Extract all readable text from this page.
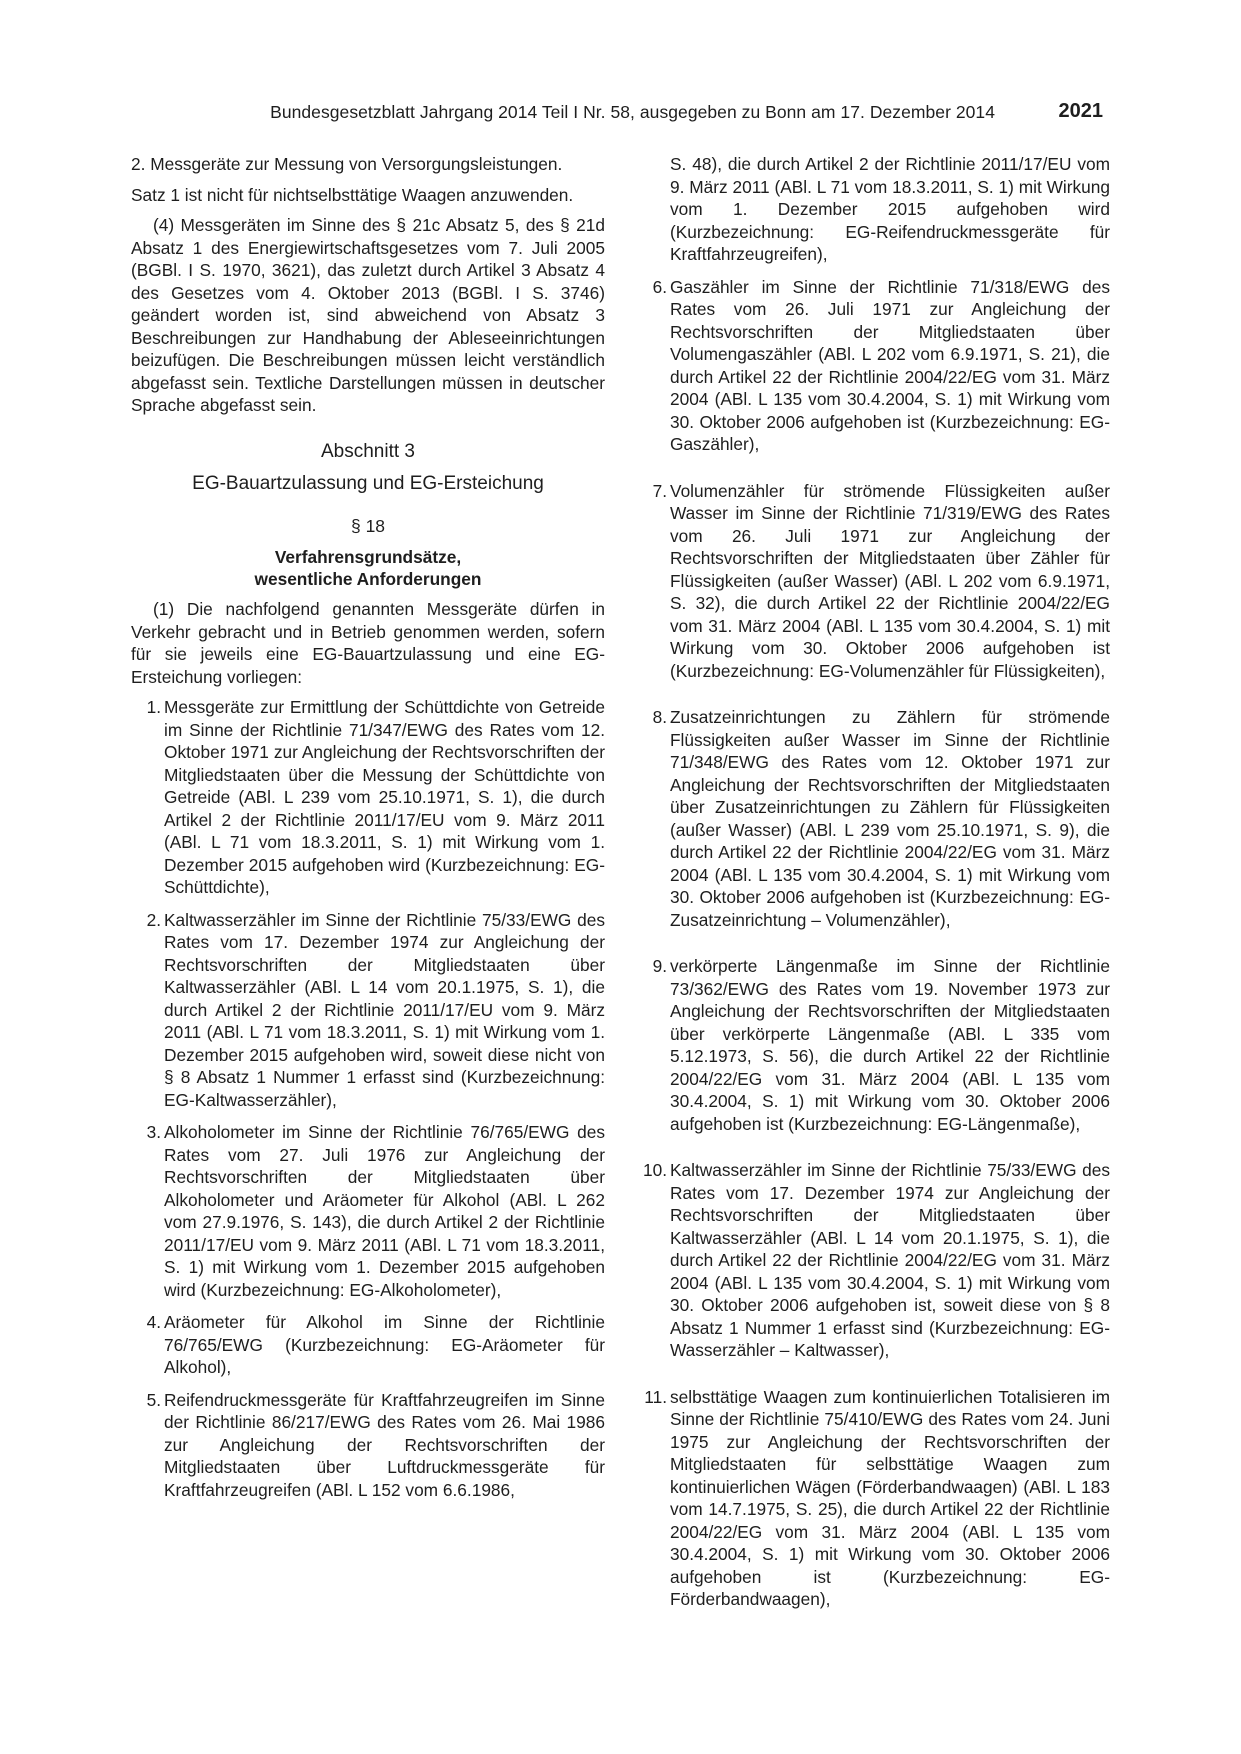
Bundesgesetzblatt Jahrgang 2014 Teil I Nr. 58, ausgegeben zu Bonn am 17. Dezember 2014	2021

2. Messgeräte zur Messung von Versorgungsleistungen.

Satz 1 ist nicht für nichtselbsttätige Waagen anzuwenden.

(4) Messgeräten im Sinne des § 21c Absatz 5, des § 21d Absatz 1 des Energiewirtschaftsgesetzes vom 7. Juli 2005 (BGBl. I S. 1970, 3621), das zuletzt durch Artikel 3 Absatz 4 des Gesetzes vom 4. Oktober 2013 (BGBl. I S. 3746) geändert worden ist, sind abweichend von Absatz 3 Beschreibungen zur Handhabung der Ableseeinrichtungen beizufügen. Die Beschreibungen müssen leicht verständlich abgefasst sein. Textliche Darstellungen müssen in deutscher Sprache abgefasst sein.

Abschnitt 3

EG-Bauartzulassung und EG-Ersteichung

§ 18

Verfahrensgrundsätze,

wesentliche Anforderungen

(1) Die nachfolgend genannten Messgeräte dürfen in Verkehr gebracht und in Betrieb genommen werden, sofern für sie jeweils eine EG-Bauartzulassung und eine EG-Ersteichung vorliegen:

1. Messgeräte zur Ermittlung der Schüttdichte von Getreide im Sinne der Richtlinie 71/347/EWG des Rates vom 12. Oktober 1971 zur Angleichung der Rechtsvorschriften der Mitgliedstaaten über die Messung der Schüttdichte von Getreide (ABl. L 239 vom 25.10.1971, S. 1), die durch Artikel 2 der Richtlinie 2011/17/EU vom 9. März 2011 (ABl. L 71 vom 18.3.2011, S. 1) mit Wirkung vom 1. Dezember 2015 aufgehoben wird (Kurzbezeichnung: EG-Schüttdichte),
2. Kaltwasserzähler im Sinne der Richtlinie 75/33/EWG des Rates vom 17. Dezember 1974 zur Angleichung der Rechtsvorschriften der Mitgliedstaaten über Kaltwasserzähler (ABl. L 14 vom 20.1.1975, S. 1), die durch Artikel 2 der Richtlinie 2011/17/EU vom 9. März 2011 (ABl. L 71 vom 18.3.2011, S. 1) mit Wirkung vom 1. Dezember 2015 aufgehoben wird, soweit diese nicht von § 8 Absatz 1 Nummer 1 erfasst sind (Kurzbezeichnung: EG-Kaltwasserzähler),
3. Alkoholometer im Sinne der Richtlinie 76/765/EWG des Rates vom 27. Juli 1976 zur Angleichung der Rechtsvorschriften der Mitgliedstaaten über Alkoholometer und Aräometer für Alkohol (ABl. L 262 vom 27.9.1976, S. 143), die durch Artikel 2 der Richtlinie 2011/17/EU vom 9. März 2011 (ABl. L 71 vom 18.3.2011, S. 1) mit Wirkung vom 1. Dezember 2015 aufgehoben wird (Kurzbezeichnung: EG-Alkoholometer),
4. Aräometer für Alkohol im Sinne der Richtlinie 76/765/EWG (Kurzbezeichnung: EG-Aräometer für Alkohol),
5. Reifendruckmessgeräte für Kraftfahrzeugreifen im Sinne der Richtlinie 86/217/EWG des Rates vom 26. Mai 1986 zur Angleichung der Rechtsvorschriften der Mitgliedstaaten über Luftdruckmessgeräte für Kraftfahrzeugreifen (ABl. L 152 vom 6.6.1986,

S. 48), die durch Artikel 2 der Richtlinie 2011/17/EU vom 9. März 2011 (ABl. L 71 vom 18.3.2011, S. 1) mit Wirkung vom 1. Dezember 2015 aufgehoben wird (Kurzbezeichnung: EG-Reifendruckmessgeräte für Kraftfahrzeugreifen),

6. Gaszähler im Sinne der Richtlinie 71/318/EWG des Rates vom 26. Juli 1971 zur Angleichung der Rechtsvorschriften der Mitgliedstaaten über Volumengaszähler (ABl. L 202 vom 6.9.1971, S. 21), die durch Artikel 22 der Richtlinie 2004/22/EG vom 31. März 2004 (ABl. L 135 vom 30.4.2004, S. 1) mit Wirkung vom 30. Oktober 2006 aufgehoben ist (Kurzbezeichnung: EG-Gaszähler),
7. Volumenzähler für strömende Flüssigkeiten außer Wasser im Sinne der Richtlinie 71/319/EWG des Rates vom 26. Juli 1971 zur Angleichung der Rechtsvorschriften der Mitgliedstaaten über Zähler für Flüssigkeiten (außer Wasser) (ABl. L 202 vom 6.9.1971, S. 32), die durch Artikel 22 der Richtlinie 2004/22/EG vom 31. März 2004 (ABl. L 135 vom 30.4.2004, S. 1) mit Wirkung vom 30. Oktober 2006 aufgehoben ist (Kurzbezeichnung: EG-Volumenzähler für Flüssigkeiten),
8. Zusatzeinrichtungen zu Zählern für strömende Flüssigkeiten außer Wasser im Sinne der Richtlinie 71/348/EWG des Rates vom 12. Oktober 1971 zur Angleichung der Rechtsvorschriften der Mitgliedstaaten über Zusatzeinrichtungen zu Zählern für Flüssigkeiten (außer Wasser) (ABl. L 239 vom 25.10.1971, S. 9), die durch Artikel 22 der Richtlinie 2004/22/EG vom 31. März 2004 (ABl. L 135 vom 30.4.2004, S. 1) mit Wirkung vom 30. Oktober 2006 aufgehoben ist (Kurzbezeichnung: EG-Zusatzeinrichtung – Volumenzähler),
9. verkörperte Längenmaße im Sinne der Richtlinie 73/362/EWG des Rates vom 19. November 1973 zur Angleichung der Rechtsvorschriften der Mitgliedstaaten über verkörperte Längenmaße (ABl. L 335 vom 5.12.1973, S. 56), die durch Artikel 22 der Richtlinie 2004/22/EG vom 31. März 2004 (ABl. L 135 vom 30.4.2004, S. 1) mit Wirkung vom 30. Oktober 2006 aufgehoben ist (Kurzbezeichnung: EG-Längenmaße),
10. Kaltwasserzähler im Sinne der Richtlinie 75/33/EWG des Rates vom 17. Dezember 1974 zur Angleichung der Rechtsvorschriften der Mitgliedstaaten über Kaltwasserzähler (ABl. L 14 vom 20.1.1975, S. 1), die durch Artikel 22 der Richtlinie 2004/22/EG vom 31. März 2004 (ABl. L 135 vom 30.4.2004, S. 1) mit Wirkung vom 30. Oktober 2006 aufgehoben ist, soweit diese von § 8 Absatz 1 Nummer 1 erfasst sind (Kurzbezeichnung: EG-Wasserzähler – Kaltwasser),
11. selbsttätige Waagen zum kontinuierlichen Totalisieren im Sinne der Richtlinie 75/410/EWG des Rates vom 24. Juni 1975 zur Angleichung der Rechtsvorschriften der Mitgliedstaaten für selbsttätige Waagen zum kontinuierlichen Wägen (Förderbandwaagen) (ABl. L 183 vom 14.7.1975, S. 25), die durch Artikel 22 der Richtlinie 2004/22/EG vom 31. März 2004 (ABl. L 135 vom 30.4.2004, S. 1) mit Wirkung vom 30. Oktober 2006 aufgehoben ist (Kurzbezeichnung: EG-Förderbandwaagen),
